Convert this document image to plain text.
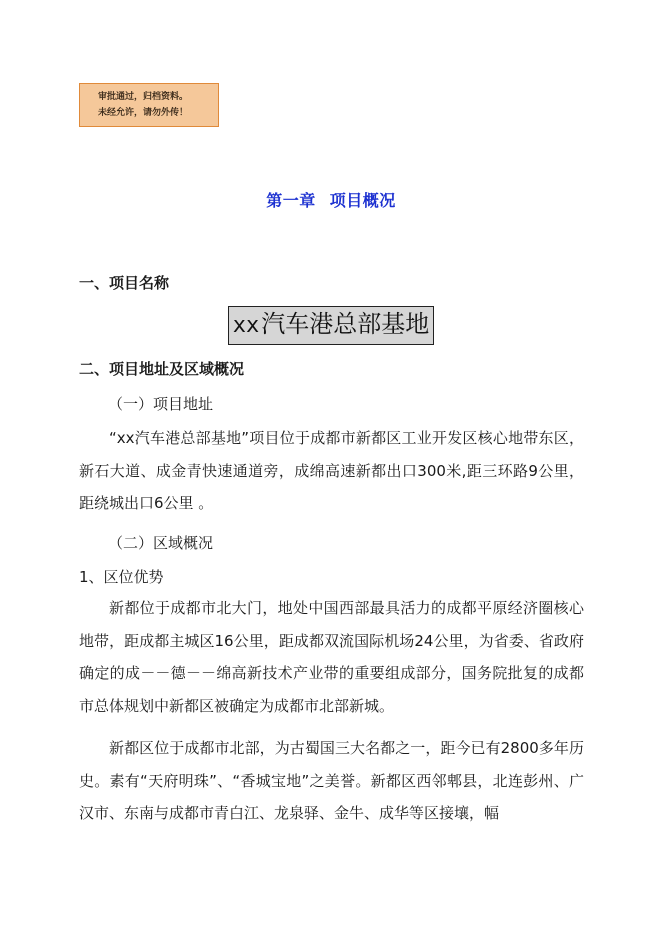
审批通过，归档资料。
未经允许，请勿外传！
第一章 项目概况
一、项目名称
xx汽车港总部基地
二、项目地址及区域概况
（一）项目地址

“xx汽车港总部基地”项目位于成都市新都区工业开发区核心地带东区，新石大道、成金青快速通道旁，成绵高速新都出口300米,距三环路9公里，距绕城出口6公里 。

（二）区域概况
1、区位优势

新都位于成都市北大门，地处中国西部最具活力的成都平原经济圈核心地带，距成都主城区16公里，距成都双流国际机场24公里，为省委、省政府确定的成－－德－－绵高新技术产业带的重要组成部分，国务院批复的成都市总体规划中新都区被确定为成都市北部新城。

新都区位于成都市北部，为古蜀国三大名都之一，距今已有2800多年历史。素有“天府明珠”、“香城宝地”之美誉。新都区西邻郫县，北连彭州、广汉市、东南与成都市青白江、龙泉驿、金牛、成华等区接壤，幅
